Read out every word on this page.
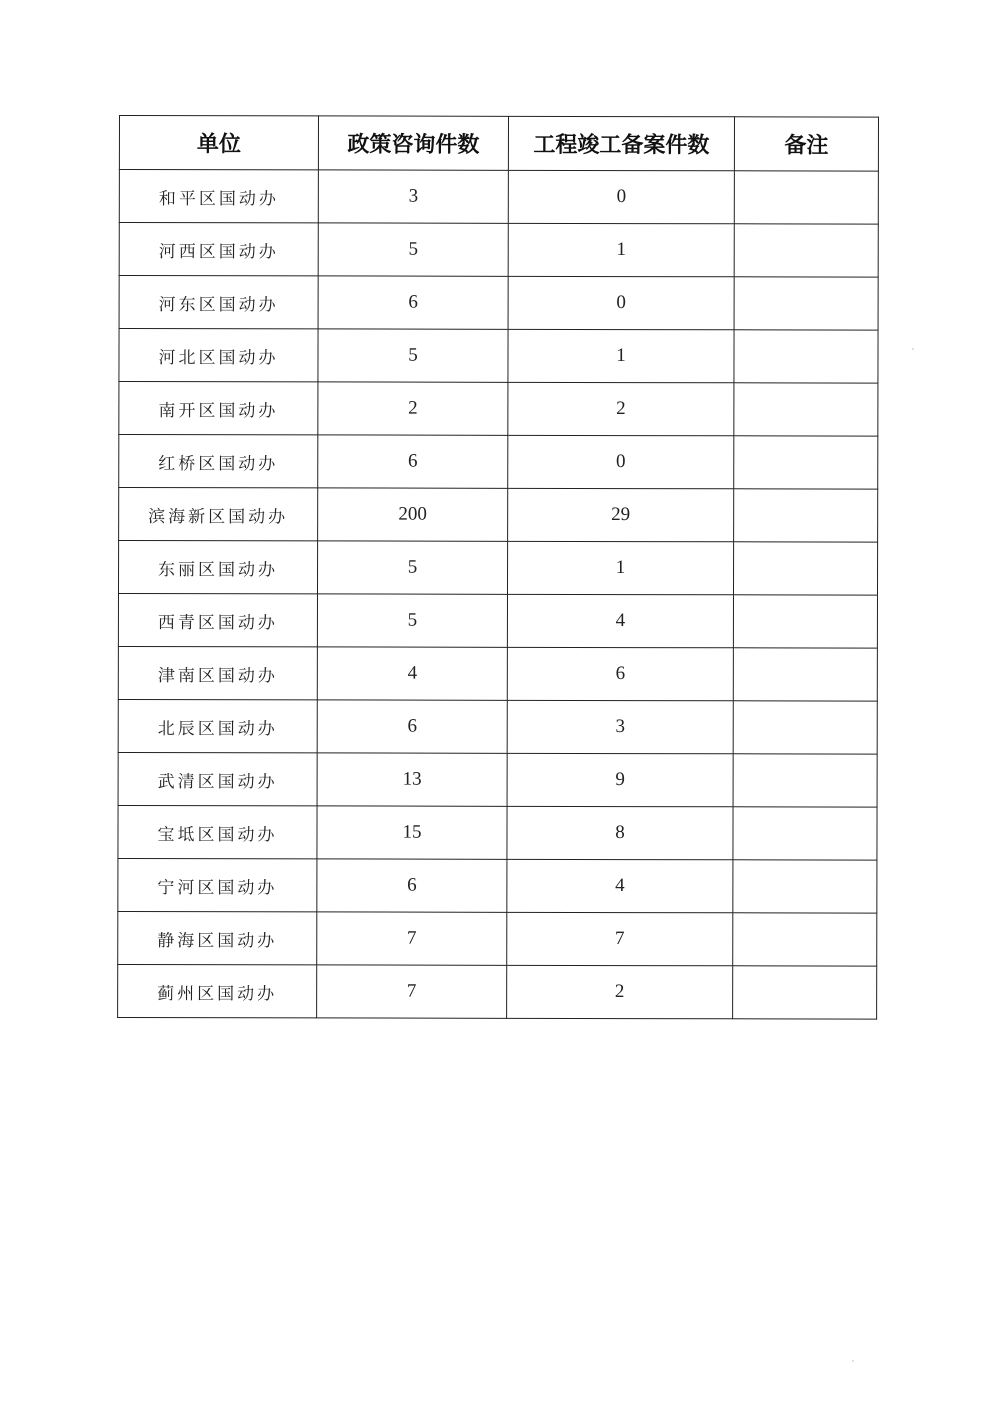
单位	政策咨询件数	工程竣工备案件数	备注
和平区国动办	3	0	
河西区国动办	5	1	
河东区国动办	6	0	
河北区国动办	5	1	
南开区国动办	2	2	
红桥区国动办	6	0	
滨海新区国动办	200	29	
东丽区国动办	5	1	
西青区国动办	5	4	
津南区国动办	4	6	
北辰区国动办	6	3	
武清区国动办	13	9	
宝坻区国动办	15	8	
宁河区国动办	6	4	
静海区国动办	7	7	
蓟州区国动办	7	2	
